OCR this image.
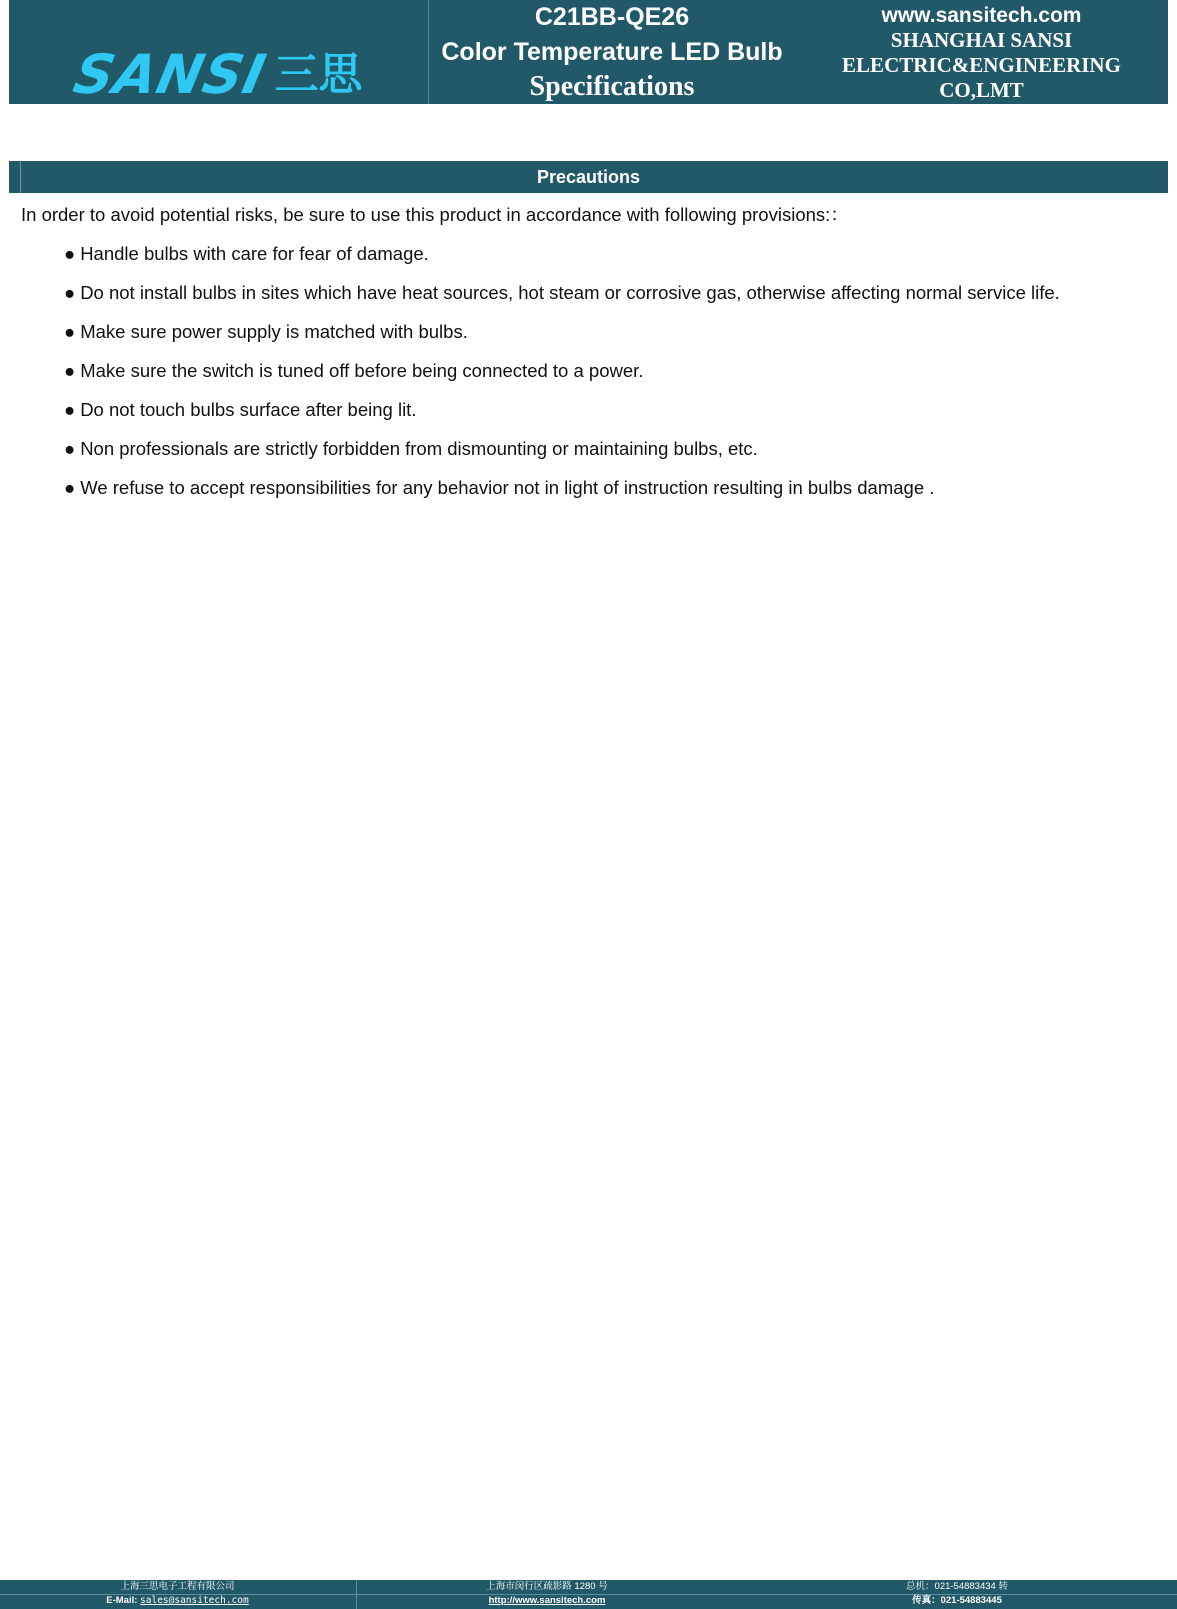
SANSI 三思
C21BB-QE26
Color Temperature LED Bulb
Specifications
www.sansitech.com
SHANGHAI SANSI
ELECTRIC&ENGINEERING
CO,LMT
Precautions
In order to avoid potential risks, be sure to use this product in accordance with following provisions:：
● Handle bulbs with care for fear of damage.
● Do not install bulbs in sites which have heat sources, hot steam or corrosive gas, otherwise affecting normal service life.
● Make sure power supply is matched with bulbs.
● Make sure the switch is tuned off before being connected to a power.
● Do not touch bulbs surface after being lit.
● Non professionals are strictly forbidden from dismounting or maintaining bulbs, etc.
● We refuse to accept responsibilities for any behavior not in light of instruction resulting in bulbs damage .
上海三思电子工程有限公司
E-Mail: sales@sansitech.com
上海市闵行区疏影路 1280 号
http://www.sansitech.com
总机：021-54883434 转
传真：021-54883445
